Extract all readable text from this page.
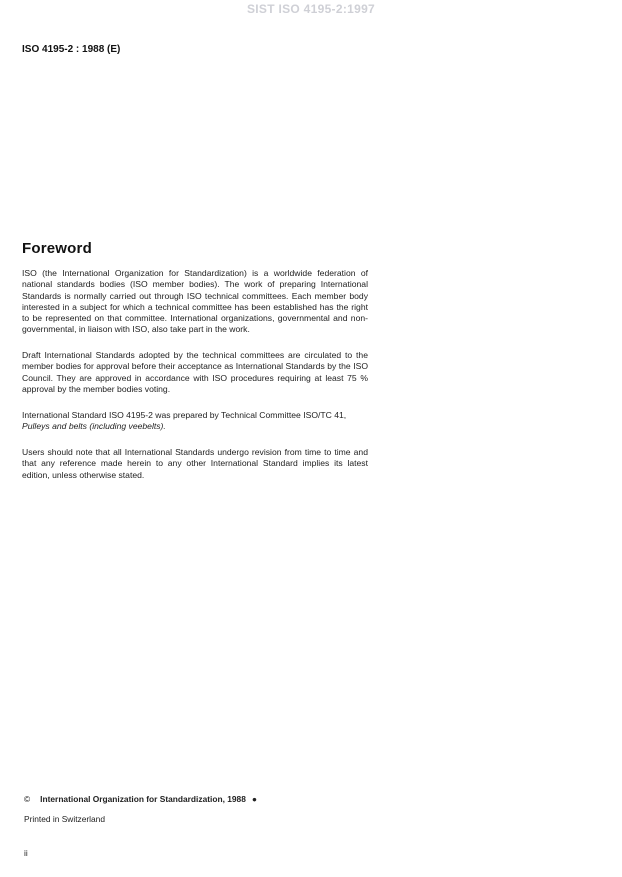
SIST ISO 4195-2:1997
ISO 4195-2 : 1988 (E)
Foreword
ISO (the International Organization for Standardization) is a worldwide federation of national standards bodies (ISO member bodies). The work of preparing International Standards is normally carried out through ISO technical committees. Each member body interested in a subject for which a technical committee has been established has the right to be represented on that committee. International organizations, governmental and non-governmental, in liaison with ISO, also take part in the work.
Draft International Standards adopted by the technical committees are circulated to the member bodies for approval before their acceptance as International Standards by the ISO Council. They are approved in accordance with ISO procedures requiring at least 75 % approval by the member bodies voting.
International Standard ISO 4195-2 was prepared by Technical Committee ISO/TC 41,
Pulleys and belts (including veebelts).
Users should note that all International Standards undergo revision from time to time and that any reference made herein to any other International Standard implies its latest edition, unless otherwise stated.
© International Organization for Standardization, 1988 ●
Printed in Switzerland
ii
